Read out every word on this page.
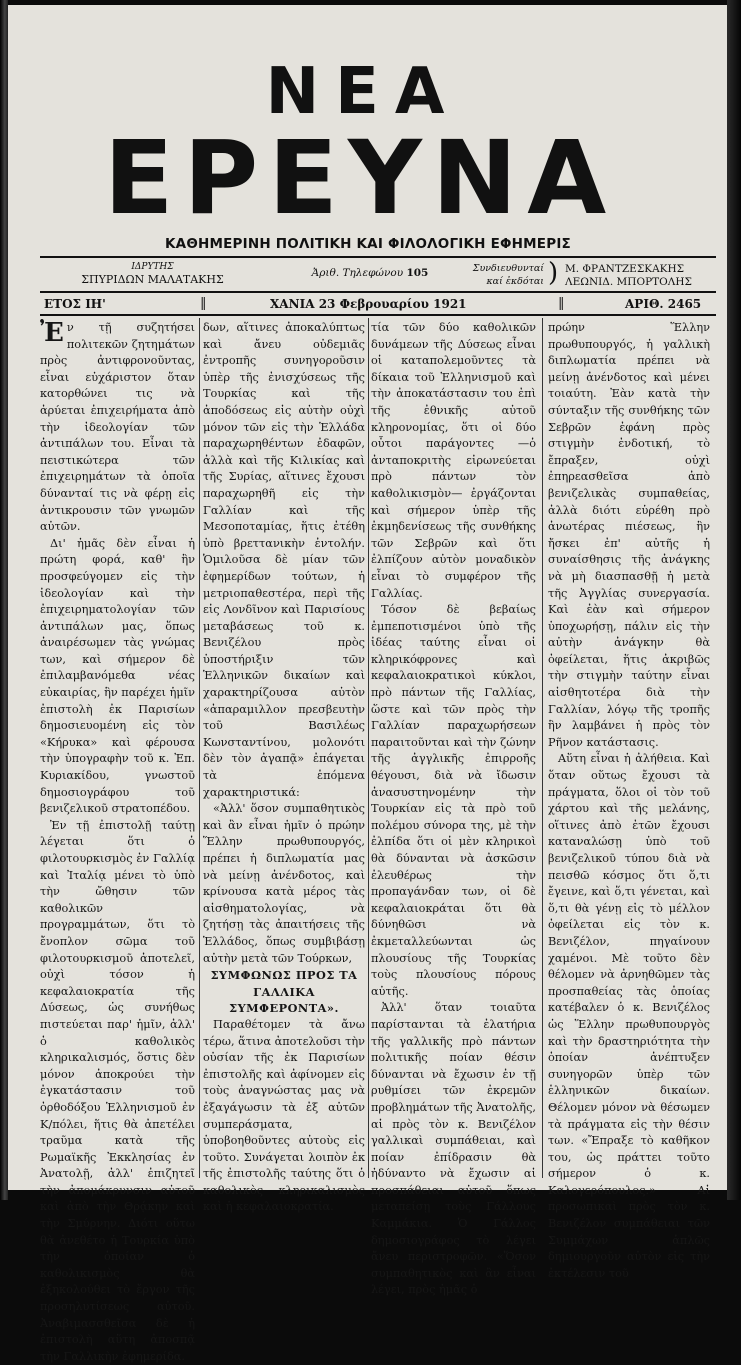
ΝΕΑ
ΕΡΕΥΝΑ
ΚΑΘΗΜΕΡΙΝΗ ΠΟΛΙΤΙΚΗ ΚΑΙ ΦΙΛΟΛΟΓΙΚΗ ΕΦΗΜΕΡΙΣ
ΙΔΡΥΤΗΣ
ΣΠΥΡΙΔΩΝ ΜΑΛΑΤΑΚΗΣ	Ἀριθ. Τηλεφώνου 105	Συνδιευθυνταί
καί ἐκδόται ) Μ. ΦΡΑΝΤΖΕΣΚΑΚΗΣ
ΛΕΩΝΙΔ. ΜΠΟΡΤΟΛΗΣ
ΕΤΟΣ ΙΗ'	‖	ΧΑΝΙΑ 23 Φεβρουαρίου 1921	‖	ΑΡΙΘ. 2465

Ἐν τῇ συζητήσει πολιτεκῶν ζητημάτων πρὸς ἀντιφρονοῦντας, εἶναι εὐχάριστον ὅταν κατορθώνει τις νὰ ἀρύεται ἐπιχειρήματα ἀπὸ τὴν ἰδεολογίαν τῶν ἀντιπάλων του. Εἶναι τὰ πειστικώτερα τῶν ἐπιχειρημάτων τὰ ὁποῖα δύνανταί τις νὰ φέρῃ εἰς ἀντικρουσιν τῶν γνωμῶν αὐτῶν.

Δι' ἡμᾶς δὲν εἶναι ἡ πρώτη φορά, καθ' ἣν προσφεύγομεν εἰς τὴν ἰδεολογίαν καὶ τὴν ἐπιχειρηματολογίαν τῶν ἀντιπάλων μας, ὅπως ἀναιρέσωμεν τὰς γνώμας των, καὶ σήμερον δὲ ἐπιλαμβανόμεθα νέας εὐκαιρίας, ἣν παρέχει ἡμῖν ἐπιστολὴ ἐκ Παρισίων δημοσιευομένη εἰς τὸν «Κήρυκα» καὶ φέρουσα τὴν ὑπογραφὴν τοῦ κ. Ἐπ. Κυριακίδου, γνωστοῦ δημοσιογράφου τοῦ βενιζελικοῦ στρατοπέδου.

Ἐν τῇ ἐπιστολῇ ταύτῃ λέγεται ὅτι ὁ φιλοτουρκισμὸς ἐν Γαλλίᾳ καὶ Ἰταλίᾳ μένει τὸ ὑπὸ τὴν ὤθησιν τῶν καθολικῶν προγραμμάτων, ὅτι τὸ ἔνοπλον σῶμα τοῦ φιλοτουρκισμοῦ ἀποτελεῖ, οὐχὶ τόσον ἡ κεφαλαιοκρατία τῆς Δύσεως, ὡς συνήθως πιστεύεται παρ' ἡμῖν, ἀλλ' ὁ καθολικὸς κληρικαλισμός, ὅστις δὲν μόνον ἀποκρούει τὴν ἐγκατάστασιν τοῦ ὀρθοδόξου Ἑλληνισμοῦ ἐν Κ/πόλει, ἥτις θὰ ἀπετέλει τραῦμα κατὰ τῆς Ρωμαϊκῆς Ἐκκλησίας ἐν Ἀνατολῇ, ἀλλ' ἐπιζητεῖ τὴν ἀπομάκρυνσιν αὐτοῦ καὶ ἀπὸ τὴν Θρᾴκην καὶ τὴν Σμύρνην. Διότι οὕτω θὰ ἀνεθέτο ἡ Τουρκία ὑπὸ τὴν ὁποίαν ὁ καθολικισμὸς θὰ ἐξηκολούθει τὸ ἔργον τῆς προσηλυτίσεως αὐτοῦ. Ἀναβιμασσθεῖσα δὲ ἡ ἐπιστολὴ αὕτη ἀποσπᾷ τὴν Γαλλικὴν ἐφημερίδα.

δων, αἵτινες ἀποκαλύπτως καὶ ἄνευ οὐδεμιᾶς ἐντροπῆς συνηγοροῦσιν ὑπὲρ τῆς ἐνισχύσεως τῆς Τουρκίας καὶ τῆς ἀποδόσεως εἰς αὐτὴν οὐχὶ μόνον τῶν εἰς τὴν Ἑλλάδα παραχωρηθέντων ἐδαφῶν, ἀλλὰ καὶ τῆς Κιλικίας καὶ τῆς Συρίας, αἵτινες ἔχουσι παραχωρηθῆ εἰς τὴν Γαλλίαν καὶ τῆς Μεσοποταμίας, ἥτις ἐτέθη ὑπὸ βρεττανικὴν ἐντολήν. Ὁμιλοῦσα δὲ μίαν τῶν ἐφημερίδων τούτων, ἡ μετριοπαθεστέρα, περὶ τῆς εἰς Λονδῖνον καὶ Παρισίους μεταβάσεως τοῦ κ. Βενιζέλου πρὸς ὑποστήριξιν τῶν Ἑλληνικῶν δικαίων καὶ χαρακτηρίζουσα αὐτὸν «ἀπαραμιλλον πρεσβευτὴν τοῦ Βασιλέως Κωνσταντίνου, μολονότι δὲν τὸν ἀγαπᾷ» ἐπάγεται τὰ ἑπόμενα χαρακτηριστικά:

«Ἀλλ' ὅσον συμπαθητικὸς καὶ ἂν εἶναι ἡμῖν ὁ πρώην Ἕλλην πρωθυπουργός, πρέπει ἡ διπλωματία μας νὰ μείνῃ ἀνένδοτος, καὶ κρίνουσα κατὰ μέρος τὰς αἰσθηματολογίας, νὰ ζητήσῃ τὰς ἀπαιτήσεις τῆς Ἑλλάδος, ὅπως συμβιβάσῃ αὐτὴν μετὰ τῶν Τούρκων,

ΣΥΜΦΩΝΩΣ ΠΡΟΣ ΤΑ ΓΑΛΛΙΚΑ ΣΥΜΦΕΡΟΝΤΑ».

Παραθέτομεν τὰ ἄνω τέρω, ἅτινα ἀποτελοῦσι τὴν οὐσίαν τῆς ἐκ Παρισίων ἐπιστολῆς καὶ ἀφίνομεν εἰς τοὺς ἀναγνώστας μας νὰ ἐξαγάγωσιν τὰ ἐξ αὐτῶν συμπεράσματα, ὑποβοηθοῦντες αὐτοὺς εἰς τοῦτο. Συνάγεται λοιπὸν ἐκ τῆς ἐπιστολῆς ταύτης ὅτι ὁ καθολικὸς κληρικαλισμὸς καὶ ἡ κεφαλαιοκρατία.

τία τῶν δύο καθολικῶν δυνάμεων τῆς Δύσεως εἶναι οἱ καταπολεμοῦντες τὰ δίκαια τοῦ Ἑλληνισμοῦ καὶ τὴν ἀποκατάστασιν του ἐπὶ τῆς ἐθνικῆς αὐτοῦ κληρονομίας, ὅτι οἱ δύο οὗτοι παράγοντες —ὁ ἀνταποκριτὴς εἰρωνεύεται πρὸ πάντων τὸν καθολικισμὸν— ἐργάζονται καὶ σήμερον ὑπὲρ τῆς ἐκμηδενίσεως τῆς συνθήκης τῶν Σεβρῶν καὶ ὅτι ἐλπίζουν αὐτὸν μοναδικὸν εἶναι τὸ συμφέρον τῆς Γαλλίας.

Τόσον δὲ βεβαίως ἐμπεποτισμένοι ὑπὸ τῆς ἰδέας ταύτης εἶναι οἱ κληρικόφρονες καὶ κεφαλαιοκρατικοὶ κύκλοι, πρὸ πάντων τῆς Γαλλίας, ὥστε καὶ τῶν πρὸς τὴν Γαλλίαν παραχωρήσεων παραιτοῦνται καὶ τὴν ζώνην τῆς ἀγγλικῆς ἐπιρροῆς θέγουσι, διὰ νὰ ἴδωσιν ἀνασυστηνομένην τὴν Τουρκίαν εἰς τὰ πρὸ τοῦ πολέμου σύνορα της, μὲ τὴν ἐλπίδα ὅτι οἱ μὲν κληρικοὶ θὰ δύνανται νὰ ἀσκῶσιν ἐλευθέρως τὴν προπαγάνδαν των, οἱ δὲ κεφαλαιοκράται ὅτι θὰ δύνηθῶσι νὰ ἐκμεταλλεύωνται ὡς πλουσίους τῆς Τουρκίας τοὺς πλουσίους πόρους αὐτῆς.

Ἀλλ' ὅταν τοιαῦτα παρίστανται τὰ ἐλατήρια τῆς γαλλικῆς πρὸ πάντων πολιτικῆς ποίαν θέσιν δύνανται νὰ ἔχωσιν ἐν τῇ ρυθμίσει τῶν ἐκρεμῶν προβλημάτων τῆς Ἀνατολῆς, αἱ πρὸς τὸν κ. Βενιζέλον γαλλικαὶ συμπάθειαι, καὶ ποίαν ἐπίδρασιν θὰ ἠδύναντο νὰ ἔχωσιν αἱ προσπάθειαι αὐτοῦ ὅπως μεταπείσῃ τοὺς Γάλλους Καμμάκια. Ὁ Γάλλος δημοσιογράφος τὸ λέγει ἄνευ περιστροφῶν. «Ὅσον συμπαθητικὸς καὶ ἂν εἶναι λέγει, πρὸς ἡμᾶς ὁ

πρώην Ἕλλην πρωθυπουργός, ἡ γαλλικὴ διπλωματία πρέπει νὰ μείνῃ ἀνένδοτος καὶ μένει τοιαύτη. Ἐὰν κατὰ τὴν σύνταξιν τῆς συνθήκης τῶν Σεβρῶν ἐφάνη πρὸς στιγμὴν ἐνδοτική, τὸ ἔπραξεν, οὐχὶ ἐπηρεασθεῖσα ἀπὸ βενιζελικὰς συμπαθείας, ἀλλὰ διότι εὑρέθη πρὸ ἀνωτέρας πιέσεως, ἣν ἤσκει ἐπ' αὐτῆς ἡ συναίσθησις τῆς ἀνάγκης νὰ μὴ διασπασθῇ ἡ μετὰ τῆς Ἀγγλίας συνεργασία. Καὶ ἐὰν καὶ σήμερον ὑποχωρήσῃ, πάλιν εἰς τὴν αὐτὴν ἀνάγκην θὰ ὀφείλεται, ἥτις ἀκριβῶς τὴν στιγμὴν ταύτην εἶναι αἰσθητοτέρα διὰ τὴν Γαλλίαν, λόγῳ τῆς τροπῆς ἣν λαμβάνει ἡ πρὸς τὸν Ρῆνον κατάστασις.

Αὕτη εἶναι ἡ ἀλήθεια. Καὶ ὅταν οὕτως ἔχουσι τὰ πράγματα, ὅλοι οἱ τὸν τοῦ χάρτου καὶ τῆς μελάνης, οἵτινες ἀπὸ ἐτῶν ἔχουσι καταναλώσῃ ὑπὸ τοῦ βενιζελικοῦ τύπου διὰ νὰ πεισθῶ κόσμος ὅτι ὅ,τι ἔγεινε, καὶ ὅ,τι γένεται, καὶ ὅ,τι θὰ γένῃ εἰς τὸ μέλλον ὀφείλεται εἰς τὸν κ. Βενιζέλον, πηγαίνουν χαμένοι. Μὲ τοῦτο δὲν θέλομεν νὰ ἀρνηθῶμεν τὰς προσπαθείας τὰς ὁποίας κατέβαλεν ὁ κ. Βενιζέλος ὡς Ἕλλην πρωθυπουργὸς καὶ τὴν δραστηριότητα τὴν ὁποίαν ἀνέπτυξεν συνηγορῶν ὑπὲρ τῶν ἑλληνικῶν δικαίων. Θέλομεν μόνον νὰ θέσωμεν τὰ πράγματα εἰς τὴν θέσιν των. «Ἔπραξε τὸ καθῆκον του, ὡς πράττει τοῦτο σήμερον ὁ κ. Καλογερόπουλος.» Αἱ προσωπικαὶ πρὸς τὸν κ. Βενιζέλον συμπάθειαι τῶν Συμμάχων ἁπλῶς δημιουργοῦν αὐτὸν εἰς τὴν ἐκτέλεσιν τοῦ
